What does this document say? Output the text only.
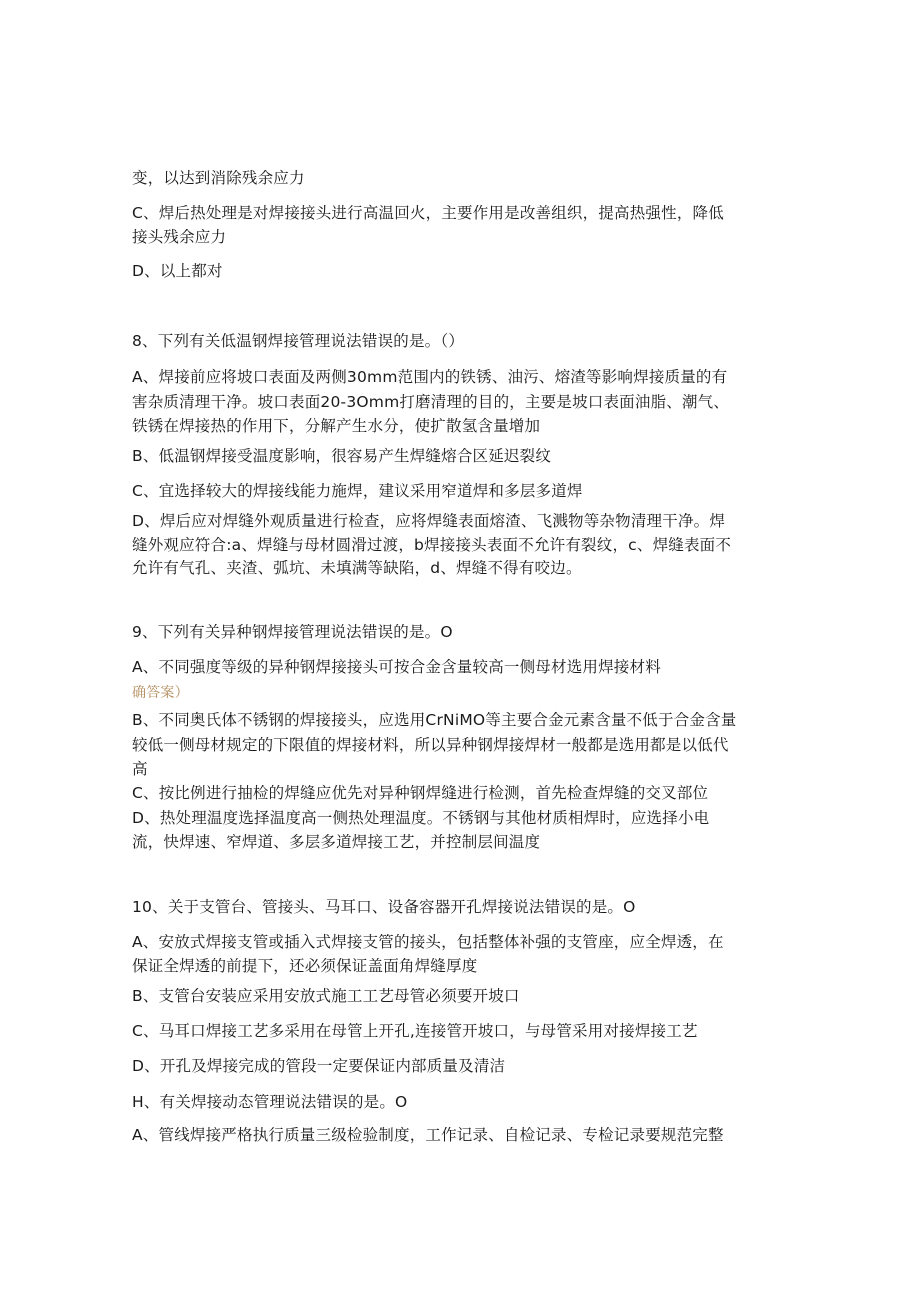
变，以达到消除残余应力
C、焊后热处理是对焊接接头进行高温回火，主要作用是改善组织，提高热强性，降低
接头残余应力
D、以上都对
8、下列有关低温钢焊接管理说法错误的是。（）
A、焊接前应将坡口表面及两侧30mm范围内的铁锈、油污、熔渣等影响焊接质量的有
害杂质清理干净。坡口表面20-3Omm打磨清理的目的，主要是坡口表面油脂、潮气、
铁锈在焊接热的作用下，分解产生水分，使扩散氢含量增加
B、低温钢焊接受温度影响，很容易产生焊缝熔合区延迟裂纹
C、宜选择较大的焊接线能力施焊，建议采用窄道焊和多层多道焊
D、焊后应对焊缝外观质量进行检查，应将焊缝表面熔渣、飞溅物等杂物清理干净。焊
缝外观应符合:a、焊缝与母材圆滑过渡，b焊接接头表面不允许有裂纹，c、焊缝表面不
允许有气孔、夹渣、弧坑、未填满等缺陷，d、焊缝不得有咬边。
9、下列有关异种钢焊接管理说法错误的是。O
A、不同强度等级的异种钢焊接接头可按合金含量较高一侧母材选用焊接材料
确答案）
B、不同奥氏体不锈钢的焊接接头，应选用CrNiMO等主要合金元素含量不低于合金含量
较低一侧母材规定的下限值的焊接材料，所以异种钢焊接焊材一般都是选用都是以低代
高
C、按比例进行抽检的焊缝应优先对异种钢焊缝进行检测，首先检查焊缝的交叉部位
D、热处理温度选择温度高一侧热处理温度。不锈钢与其他材质相焊时，应选择小电
流，快焊速、窄焊道、多层多道焊接工艺，并控制层间温度
10、关于支管台、管接头、马耳口、设备容器开孔焊接说法错误的是。O
A、安放式焊接支管或插入式焊接支管的接头，包括整体补强的支管座，应全焊透，在
保证全焊透的前提下，还必须保证盖面角焊缝厚度
B、支管台安装应采用安放式施工工艺母管必须要开坡口
C、马耳口焊接工艺多采用在母管上开孔,连接管开坡口，与母管采用对接焊接工艺
D、开孔及焊接完成的管段一定要保证内部质量及清洁
H、有关焊接动态管理说法错误的是。O
A、管线焊接严格执行质量三级检验制度，工作记录、自检记录、专检记录要规范完整
